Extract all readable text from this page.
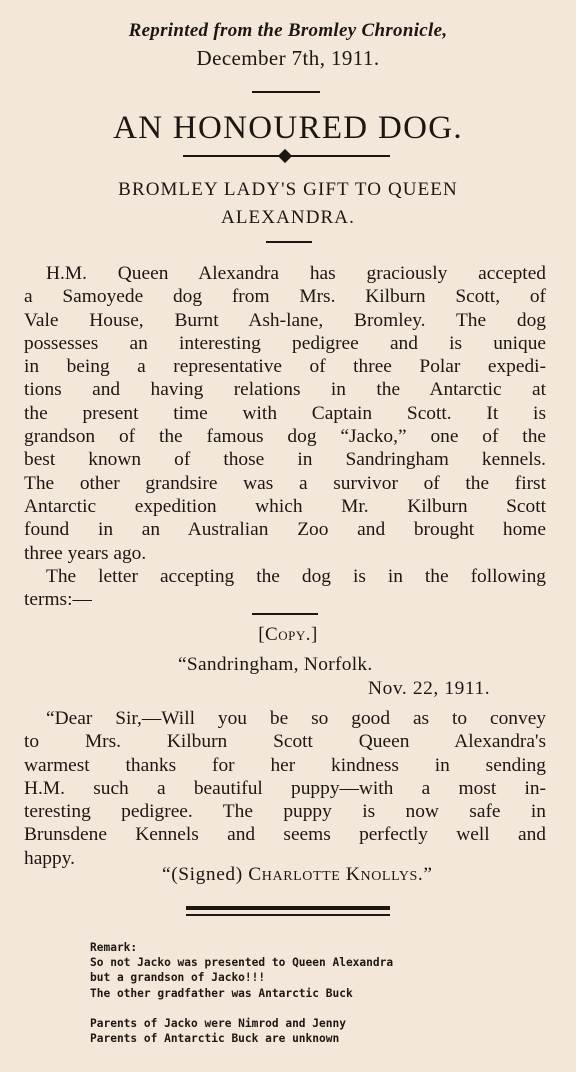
Reprinted from the Bromley Chronicle,
December 7th, 1911.
AN HONOURED DOG.
BROMLEY LADY'S GIFT TO QUEEN
ALEXANDRA.
H.M. Queen Alexandra has graciously accepted
a Samoyede dog from Mrs. Kilburn Scott, of
Vale House, Burnt Ash-lane, Bromley. The dog
possesses an interesting pedigree and is unique
in being a representative of three Polar expedi-
tions and having relations in the Antarctic at
the present time with Captain Scott. It is
grandson of the famous dog “Jacko,” one of the
best known of those in Sandringham kennels.
The other grandsire was a survivor of the first
Antarctic expedition which Mr. Kilburn Scott
found in an Australian Zoo and brought home
three years ago.
The letter accepting the dog is in the following
terms:—
[Copy.]
“Sandringham, Norfolk.
Nov. 22, 1911.
“Dear Sir,—Will you be so good as to convey
to Mrs. Kilburn Scott Queen Alexandra's
warmest thanks for her kindness in sending
H.M. such a beautiful puppy—with a most in-
teresting pedigree. The puppy is now safe in
Brunsdene Kennels and seems perfectly well and
happy.
“(Signed) Charlotte Knollys.”
Remark:
So not Jacko was presented to Queen Alexandra
but a grandson of Jacko!!!
The other gradfather was Antarctic Buck
Parents of Jacko were Nimrod and Jenny
Parents of Antarctic Buck are unknown
